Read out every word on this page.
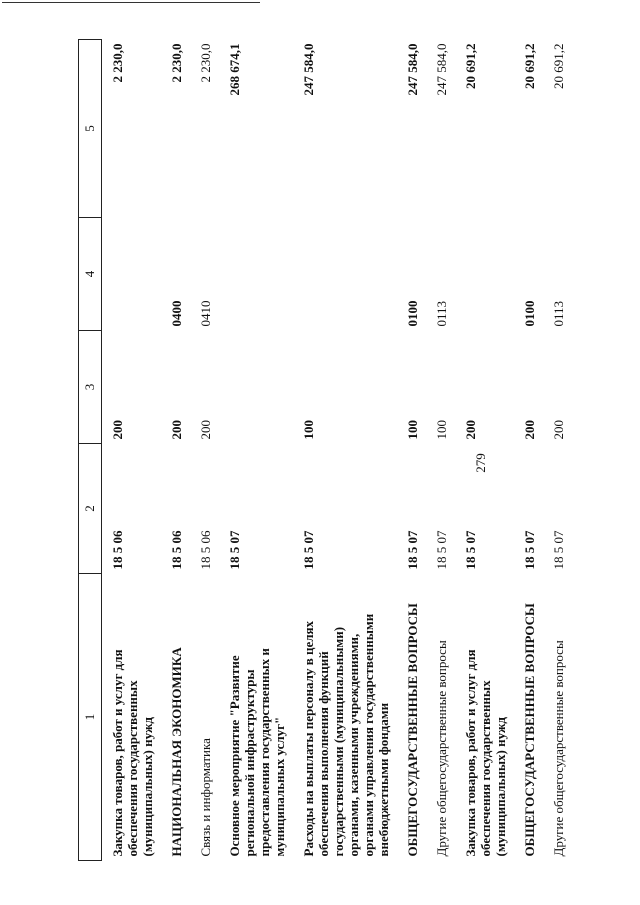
279
1	2	3	4	5
Закупка товаров, работ и услуг для обеспечения государственных (муниципальных) нужд	18 5 06	200		2 230,0
НАЦИОНАЛЬНАЯ ЭКОНОМИКА	18 5 06	200	0400	2 230,0
Связь и информатика	18 5 06	200	0410	2 230,0
Основное мероприятие "Развитие региональной инфраструктуры предоставления государственных и муниципальных услуг"	18 5 07			268 674,1
Расходы на выплаты персоналу в целях обеспечения выполнения функций государственными (муниципальными) органами, казенными учреждениями, органами управления государственными внебюджетными фондами	18 5 07	100		247 584,0
ОБЩЕГОСУДАРСТВЕННЫЕ ВОПРОСЫ	18 5 07	100	0100	247 584,0
Другие общегосударственные вопросы	18 5 07	100	0113	247 584,0
Закупка товаров, работ и услуг для обеспечения государственных (муниципальных) нужд	18 5 07	200		20 691,2
ОБЩЕГОСУДАРСТВЕННЫЕ ВОПРОСЫ	18 5 07	200	0100	20 691,2
Другие общегосударственные вопросы	18 5 07	200	0113	20 691,2
